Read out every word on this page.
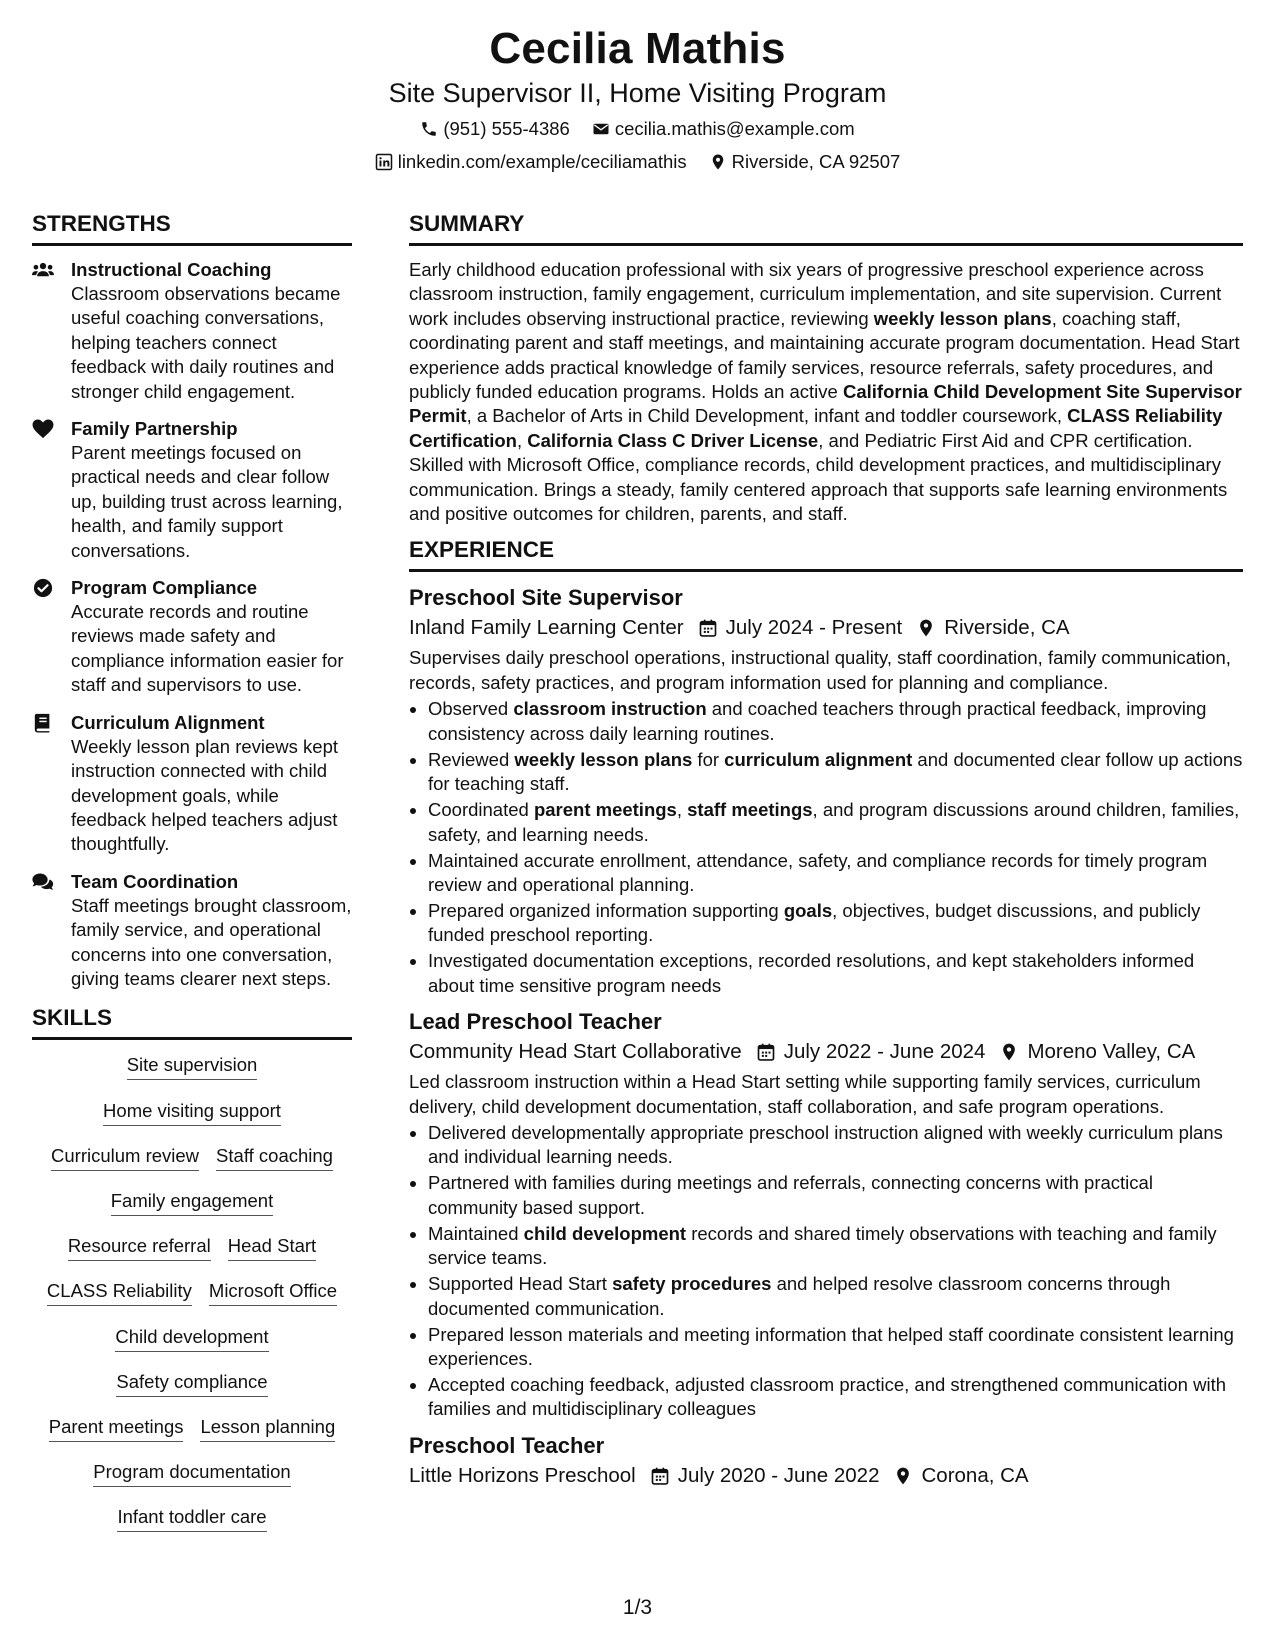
Cecilia Mathis
Site Supervisor II, Home Visiting Program
(951) 555-4386 cecilia.mathis@example.com
linkedin.com/example/ceciliamathis Riverside, CA 92507
STRENGTHS
Instructional Coaching
Classroom observations became useful coaching conversations, helping teachers connect feedback with daily routines and stronger child engagement.
Family Partnership
Parent meetings focused on practical needs and clear follow up, building trust across learning, health, and family support conversations.
Program Compliance
Accurate records and routine reviews made safety and compliance information easier for staff and supervisors to use.
Curriculum Alignment
Weekly lesson plan reviews kept instruction connected with child development goals, while feedback helped teachers adjust thoughtfully.
Team Coordination
Staff meetings brought classroom, family service, and operational concerns into one conversation, giving teams clearer next steps.
SKILLS
Site supervision
Home visiting support
Curriculum review Staff coaching
Family engagement
Resource referral Head Start
CLASS Reliability Microsoft Office
Child development
Safety compliance
Parent meetings Lesson planning
Program documentation
Infant toddler care
SUMMARY
Early childhood education professional with six years of progressive preschool experience across classroom instruction, family engagement, curriculum implementation, and site supervision. Current work includes observing instructional practice, reviewing weekly lesson plans, coaching staff, coordinating parent and staff meetings, and maintaining accurate program documentation. Head Start experience adds practical knowledge of family services, resource referrals, safety procedures, and publicly funded education programs. Holds an active California Child Development Site Supervisor Permit, a Bachelor of Arts in Child Development, infant and toddler coursework, CLASS Reliability Certification, California Class C Driver License, and Pediatric First Aid and CPR certification. Skilled with Microsoft Office, compliance records, child development practices, and multidisciplinary communication. Brings a steady, family centered approach that supports safe learning environments and positive outcomes for children, parents, and staff.
EXPERIENCE
Preschool Site Supervisor
Inland Family Learning Center July 2024 - Present Riverside, CA
Supervises daily preschool operations, instructional quality, staff coordination, family communication, records, safety practices, and program information used for planning and compliance.
• Observed classroom instruction and coached teachers through practical feedback, improving consistency across daily learning routines.
• Reviewed weekly lesson plans for curriculum alignment and documented clear follow up actions for teaching staff.
• Coordinated parent meetings, staff meetings, and program discussions around children, families, safety, and learning needs.
• Maintained accurate enrollment, attendance, safety, and compliance records for timely program review and operational planning.
• Prepared organized information supporting goals, objectives, budget discussions, and publicly funded preschool reporting.
• Investigated documentation exceptions, recorded resolutions, and kept stakeholders informed about time sensitive program needs
Lead Preschool Teacher
Community Head Start Collaborative July 2022 - June 2024 Moreno Valley, CA
Led classroom instruction within a Head Start setting while supporting family services, curriculum delivery, child development documentation, staff collaboration, and safe program operations.
• Delivered developmentally appropriate preschool instruction aligned with weekly curriculum plans and individual learning needs.
• Partnered with families during meetings and referrals, connecting concerns with practical community based support.
• Maintained child development records and shared timely observations with teaching and family service teams.
• Supported Head Start safety procedures and helped resolve classroom concerns through documented communication.
• Prepared lesson materials and meeting information that helped staff coordinate consistent learning experiences.
• Accepted coaching feedback, adjusted classroom practice, and strengthened communication with families and multidisciplinary colleagues
Preschool Teacher
Little Horizons Preschool July 2020 - June 2022 Corona, CA
1/3
